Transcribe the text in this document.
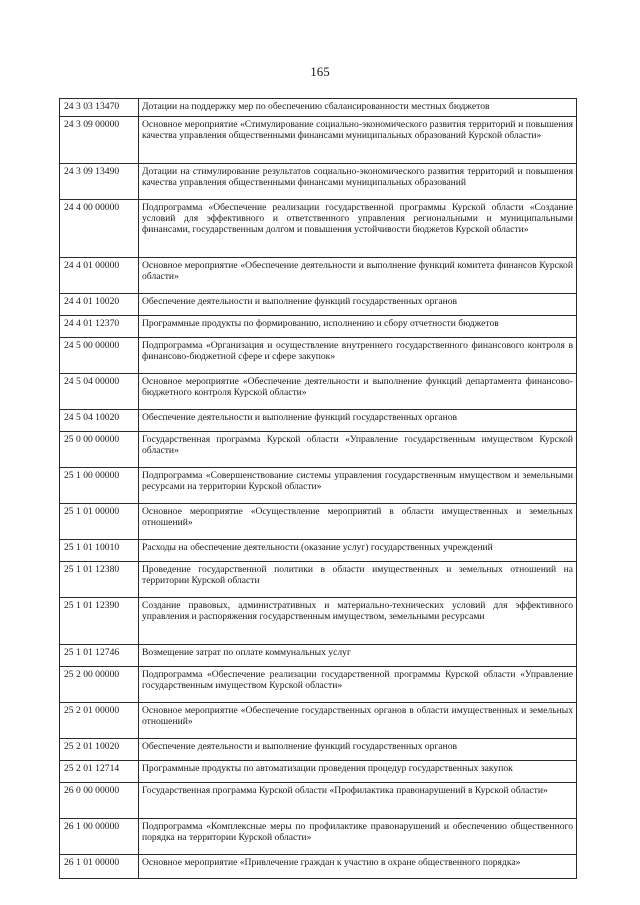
165
24 3 03 13470	Дотации на поддержку мер по обеспечению сбалансированности местных бюджетов
24 3 09 00000	Основное мероприятие «Стимулирование социально-экономического развития территорий и повышения качества управления общественными финансами муниципальных образований Курской области»
24 3 09 13490	Дотации на стимулирование результатов социально-экономического развития территорий и повышения качества управления общественными финансами муниципальных образований
24 4 00 00000	Подпрограмма «Обеспечение реализации государственной программы Курской области «Создание условий для эффективного и ответственного управления региональными и муниципальными финансами, государственным долгом и повышения устойчивости бюджетов Курской области»
24 4 01 00000	Основное мероприятие «Обеспечение деятельности и выполнение функций комитета финансов Курской области»
24 4 01 10020	Обеспечение деятельности и выполнение функций государственных органов
24 4 01 12370	Программные продукты по формированию, исполнению и сбору отчетности бюджетов
24 5 00 00000	Подпрограмма «Организация и осуществление внутреннего государственного финансового контроля в финансово-бюджетной сфере и сфере закупок»
24 5 04 00000	Основное мероприятие «Обеспечение деятельности и выполнение функций департамента финансово-бюджетного контроля Курской области»
24 5 04 10020	Обеспечение деятельности и выполнение функций государственных органов
25 0 00 00000	Государственная программа Курской области «Управление государственным имуществом Курской области»
25 1 00 00000	Подпрограмма «Совершенствование системы управления государственным имуществом и земельными ресурсами на территории Курской области»
25 1 01 00000	Основное мероприятие «Осуществление мероприятий в области имущественных и земельных отношений»
25 1 01 10010	Расходы на обеспечение деятельности (оказание услуг) государственных учреждений
25 1 01 12380	Проведение государственной политики в области имущественных и земельных отношений на территории Курской области
25 1 01 12390	Создание правовых, административных и материально-технических условий для эффективного управления и распоряжения государственным имуществом, земельными ресурсами
25 1 01 12746	Возмещение затрат по оплате коммунальных услуг
25 2 00 00000	Подпрограмма «Обеспечение реализации государственной программы Курской области «Управление государственным имуществом Курской области»
25 2 01 00000	Основное мероприятие «Обеспечение государственных органов в области имущественных и земельных отношений»
25 2 01 10020	Обеспечение деятельности и выполнение функций государственных органов
25 2 01 12714	Программные продукты по автоматизации проведения процедур государственных закупок
26 0 00 00000	Государственная программа Курской области «Профилактика правонарушений в Курской области»
26 1 00 00000	Подпрограмма «Комплексные меры по профилактике правонарушений и обеспечению общественного порядка на территории Курской области»
26 1 01 00000	Основное мероприятие «Привлечение граждан к участию в охране общественного порядка»
